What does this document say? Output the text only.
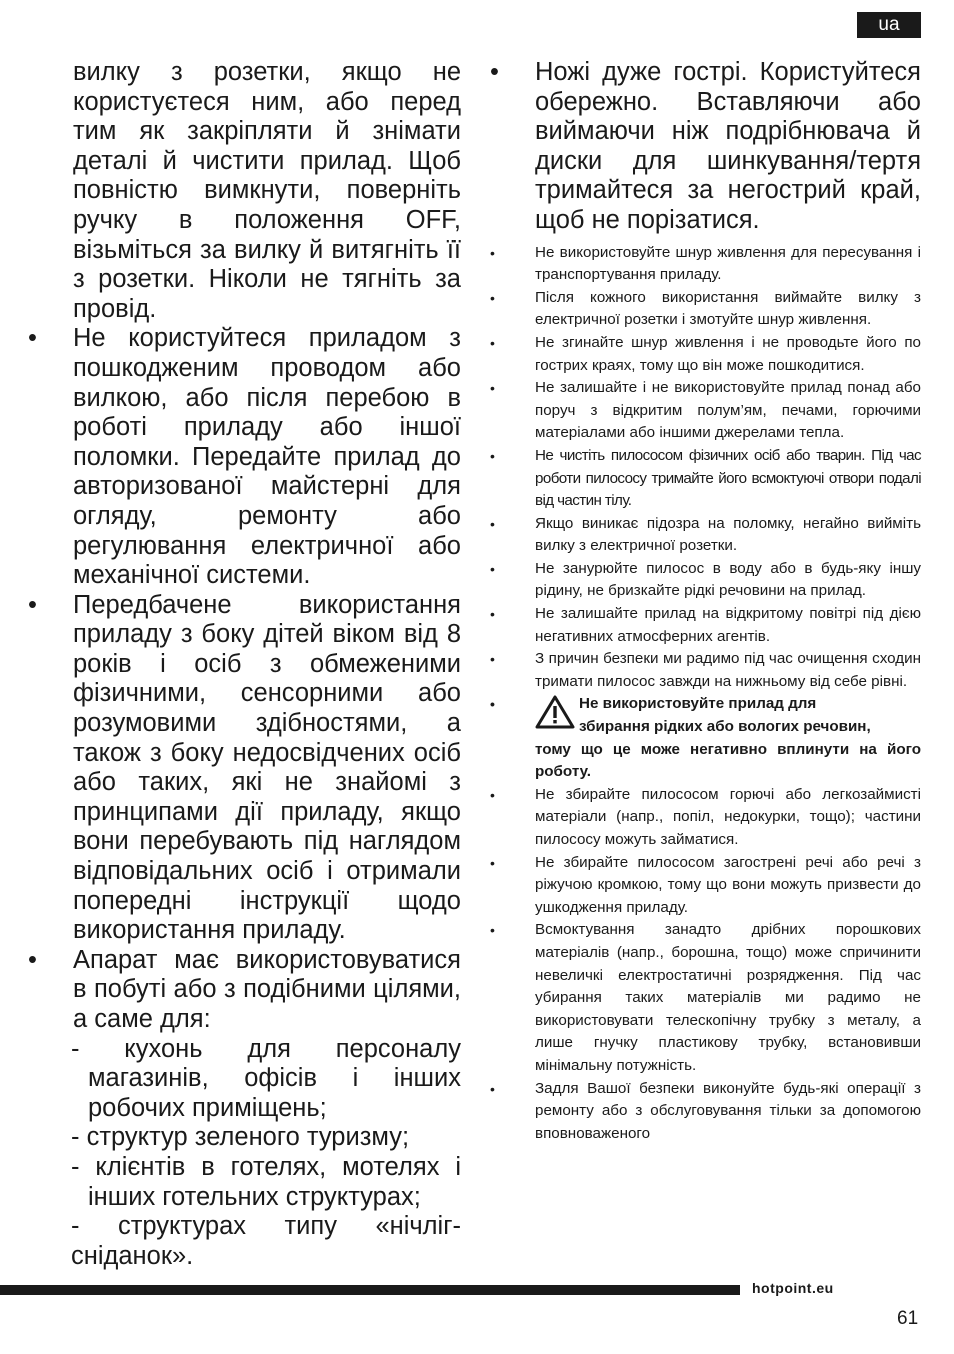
ua
вилку з розетки, якщо не користуєтеся ним, або перед тим як закріпляти й знімати деталі й чистити прилад. Щоб повністю вимкнути, поверніть ручку в положення OFF, візьміться за вилку й витягніть її з розетки. Ніколи не тягніть за провід.
•	Не користуйтеся приладом з пошкодженим проводом або вилкою, або після перебою в роботі приладу або іншої поломки. Передайте прилад до авторизованої майстерні для огляду, ремонту або регулювання електричної або механічної системи.
•	Передбачене використання приладу з боку дітей віком від 8 років і осіб з обмеженими фізичними, сенсорними або розумовими здібностями, а також з боку недосвідчених осіб або таких, які не знайомі з принципами дії приладу, якщо вони перебувають під наглядом відповідальних осіб і отримали попередні інструкції щодо використання приладу.
•	Апарат має використовуватися в побуті або з подібними цілями, а саме для:
- кухонь для персоналу магазинів, офісів і інших робочих приміщень;
- структур зеленого туризму;
- клієнтів в готелях, мотелях і інших готельних структурах;
- структурах типу «нічліг-сніданок».
•	Ножі дуже гострі. Користуйтеся обережно. Вставляючи або виймаючи ніж подрібнювача й диски для шинкування/тертя тримайтеся за негострий край, щоб не порізатися.
•	Не використовуйте шнур живлення для пересування і транспортування приладу.
•	Після кожного використання виймайте вилку з електричної розетки і змотуйте шнур живлення.
•	Не згинайте шнур живлення і не проводьте його по гострих краях, тому що він може пошкодитися.
•	Не залишайте і не використовуйте прилад понад або поруч з відкритим полум’ям, печами, горючими матеріалами або іншими джерелами тепла.
•	Не чистіть пилососом фізичних осіб або тварин. Під час роботи пилососу тримайте його всмоктуючі отвори подалі від частин тілу.
•	Якщо виникає підозра на поломку, негайно вийміть вилку з електричної розетки.
•	Не занурюйте пилосос в воду або в будь-яку іншу рідину, не бризкайте рідкі речовини на прилад.
•	Не залишайте прилад на відкритому повітрі під дією негативних атмосферних агентів.
•	З причин безпеки ми радимо під час очищення сходин тримати пилосос завжди на нижньому від себе рівні.
•	Не використовуйте прилад для
збирання рідких або вологих речовин,
тому що це може негативно вплинути на його роботу.
•	Не збирайте пилососом горючі або легкозаймисті матеріали (напр., попіл, недокурки, тощо); частини пилососу можуть займатися.
•	Не збирайте пилососом загострені речі або речі з ріжучою кромкою, тому що вони можуть призвести до ушкодження приладу.
•	Всмоктування занадто дрібних порошкових матеріалів (напр., борошна, тощо) може спричинити невеличкі електростатичні розрядження. Під час убирання таких матеріалів ми радимо не використовувати телескопічну трубку з металу, а лише гнучку пластикову трубку, встановивши мінімальну потужність.
•	Задля Вашої безпеки виконуйте будь-які операції з ремонту або з обслуговування тільки за допомогою вповноваженого
hotpoint.eu
61
